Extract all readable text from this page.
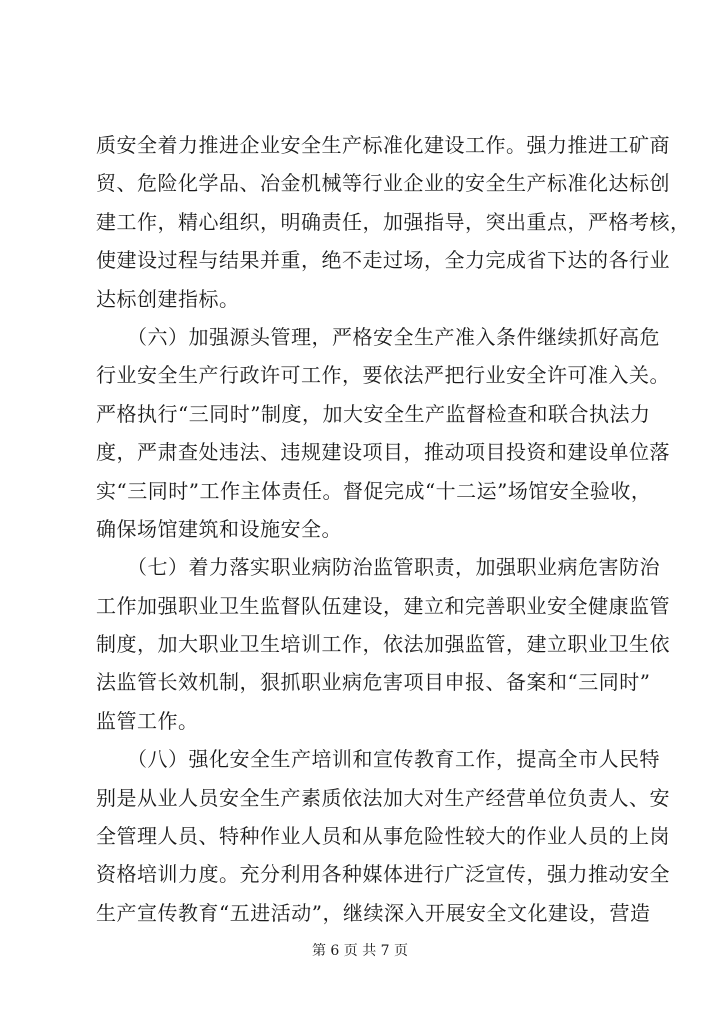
质安全着力推进企业安全生产标准化建设工作。强力推进工矿商
贸、危险化学品、冶金机械等行业企业的安全生产标准化达标创
建工作，精心组织，明确责任，加强指导，突出重点，严格考核，
使建设过程与结果并重，绝不走过场，全力完成省下达的各行业
达标创建指标。
　　（六）加强源头管理，严格安全生产准入条件继续抓好高危
行业安全生产行政许可工作，要依法严把行业安全许可准入关。
严格执行“三同时”制度，加大安全生产监督检查和联合执法力
度，严肃查处违法、违规建设项目，推动项目投资和建设单位落
实“三同时”工作主体责任。督促完成“十二运”场馆安全验收，
确保场馆建筑和设施安全。
　　（七）着力落实职业病防治监管职责，加强职业病危害防治
工作加强职业卫生监督队伍建设，建立和完善职业安全健康监管
制度，加大职业卫生培训工作，依法加强监管，建立职业卫生依
法监管长效机制，狠抓职业病危害项目申报、备案和“三同时”
监管工作。
　　（八）强化安全生产培训和宣传教育工作，提高全市人民特
别是从业人员安全生产素质依法加大对生产经营单位负责人、安
全管理人员、特种作业人员和从事危险性较大的作业人员的上岗
资格培训力度。充分利用各种媒体进行广泛宣传，强力推动安全
生产宣传教育“五进活动”，继续深入开展安全文化建设，营造
第 6 页 共 7 页
